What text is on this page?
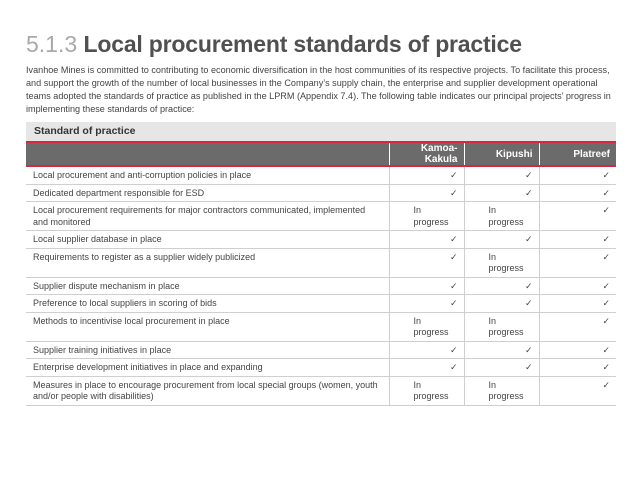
5.1.3 Local procurement standards of practice

Ivanhoe Mines is committed to contributing to economic diversification in the host communities of its respective projects. To facilitate this process, and support the growth of the number of local businesses in the Company’s supply chain, the enterprise and supplier development operational teams adopted the standards of practice as published in the LPRM (Appendix 7.4). The following table indicates our principal projects’ progress in implementing these standards of practice:

Standard of practice
	Kamoa-Kakula	Kipushi	Platreef
Local procurement and anti-corruption policies in place	✓	✓	✓
Dedicated department responsible for ESD	✓	✓	✓
Local procurement requirements for major contractors communicated, implemented and monitored	In progress	In progress	✓
Local supplier database in place	✓	✓	✓
Requirements to register as a supplier widely publicized	✓	In progress	✓
Supplier dispute mechanism in place	✓	✓	✓
Preference to local suppliers in scoring of bids	✓	✓	✓
Methods to incentivise local procurement in place	In progress	In progress	✓
Supplier training initiatives in place	✓	✓	✓
Enterprise development initiatives in place and expanding	✓	✓	✓
Measures in place to encourage procurement from local special groups (women, youth and/or people with disabilities)	In progress	In progress	✓
